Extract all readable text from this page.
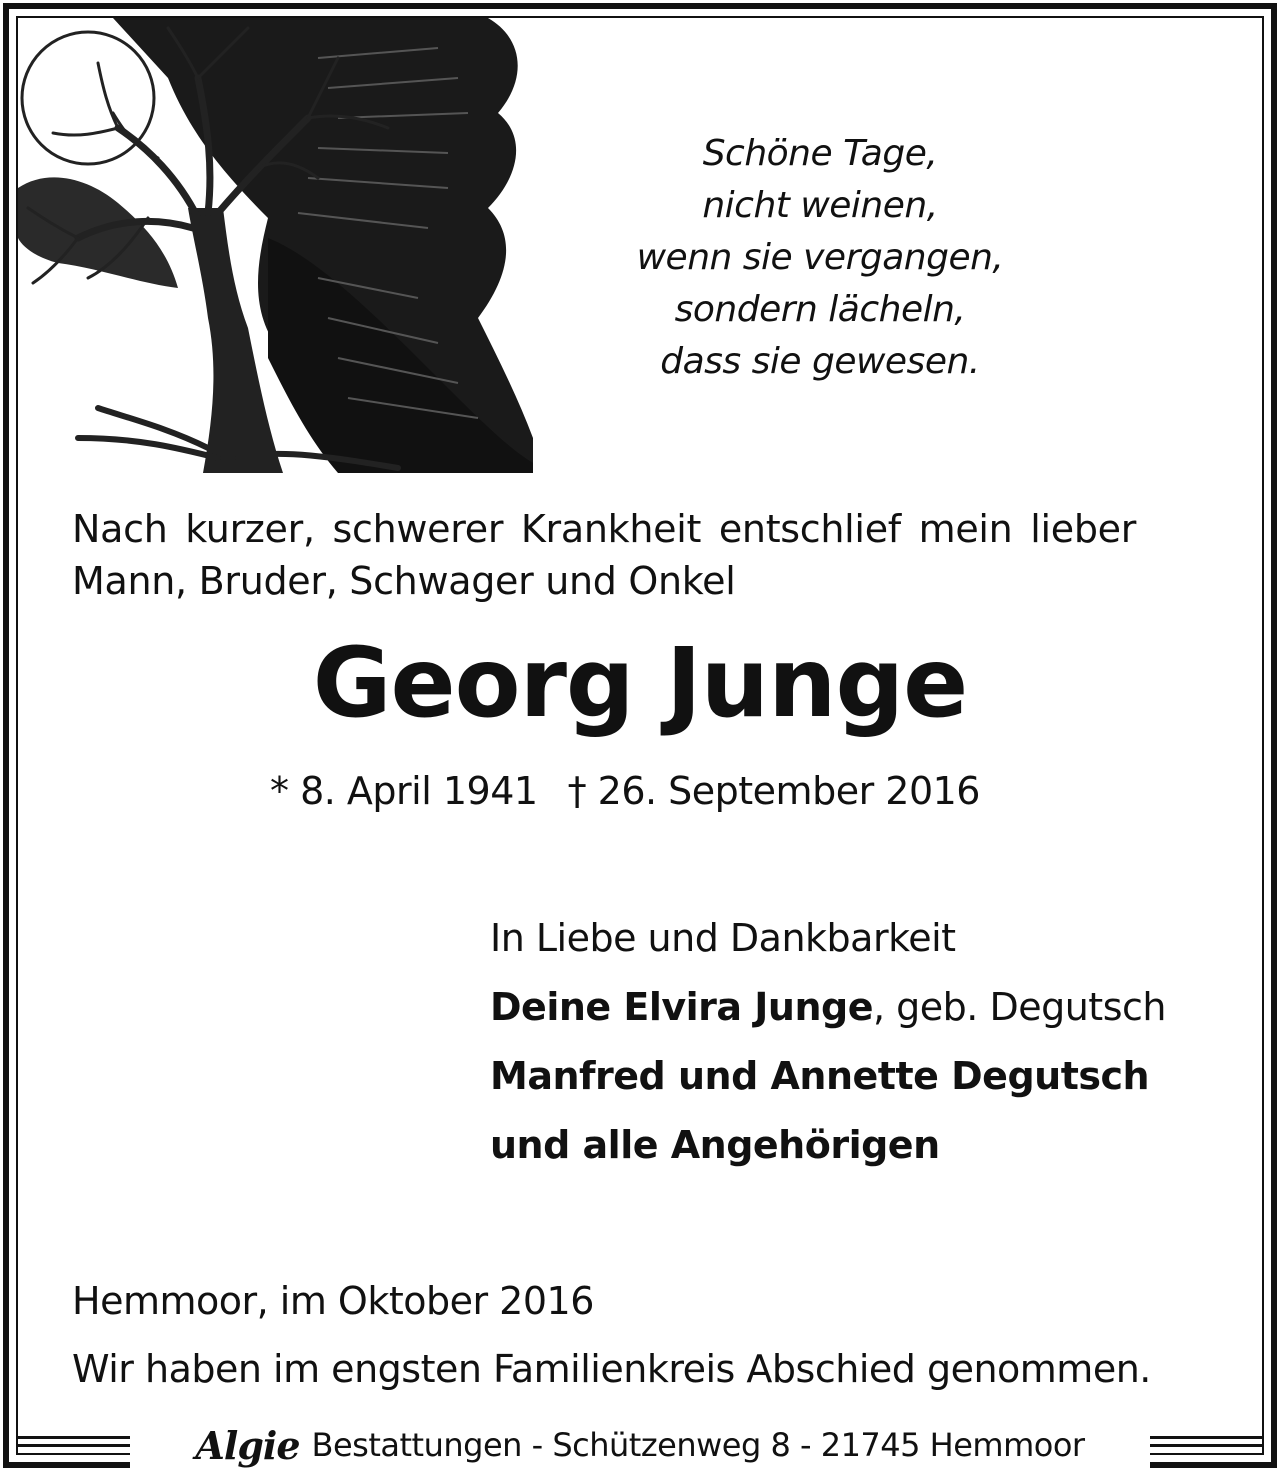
Schöne Tage,
nicht weinen,
wenn sie vergangen,
sondern lächeln,
dass sie gewesen.
Nach kurzer, schwerer Krankheit entschlief mein lieber
Mann, Bruder, Schwager und Onkel
Georg Junge
* 8. April 1941 † 26. September 2016
In Liebe und Dankbarkeit
Deine Elvira Junge, geb. Degutsch
Manfred und Annette Degutsch
und alle Angehörigen
Hemmoor, im Oktober 2016
Wir haben im engsten Familienkreis Abschied genommen.
Algie Bestattungen - Schützenweg 8 - 21745 Hemmoor
